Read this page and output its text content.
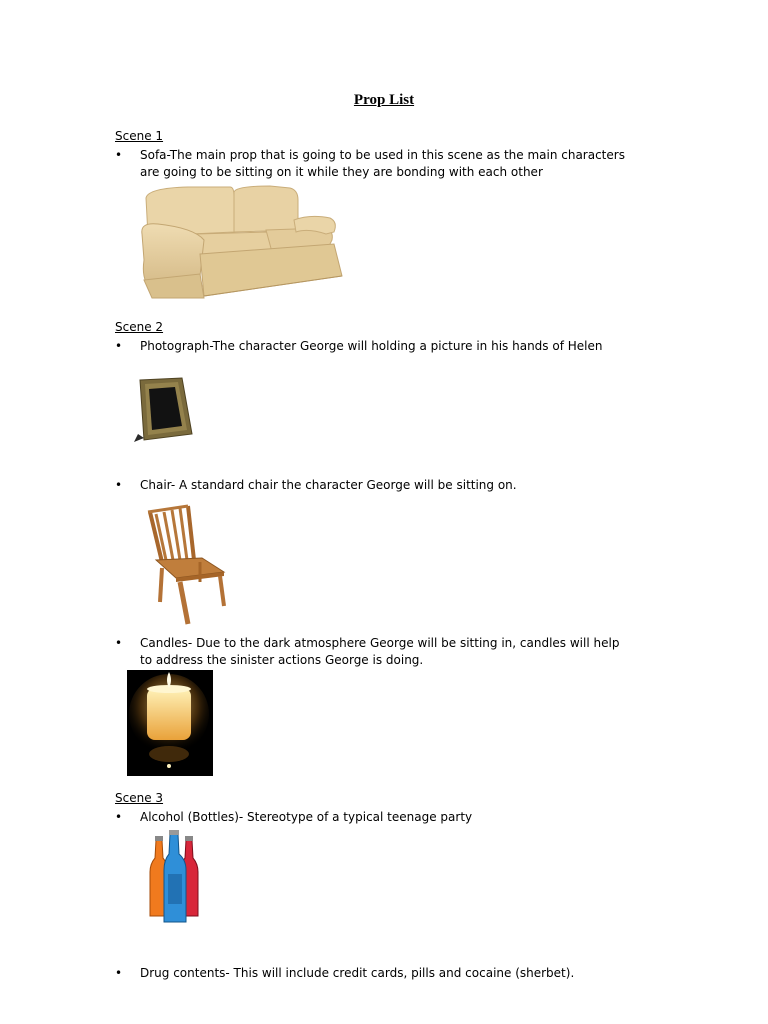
Prop List
Scene 1
• Sofa-The main prop that is going to be used in this scene as the main characters are going to be sitting on it while they are bonding with each other
Scene 2
• Photograph-The character George will holding a picture in his hands of Helen
• Chair- A standard chair the character George will be sitting on.
• Candles- Due to the dark atmosphere George will be sitting in, candles will help to address the sinister actions George is doing.
Scene 3
• Alcohol (Bottles)- Stereotype of a typical teenage party
• Drug contents- This will include credit cards, pills and cocaine (sherbet).
